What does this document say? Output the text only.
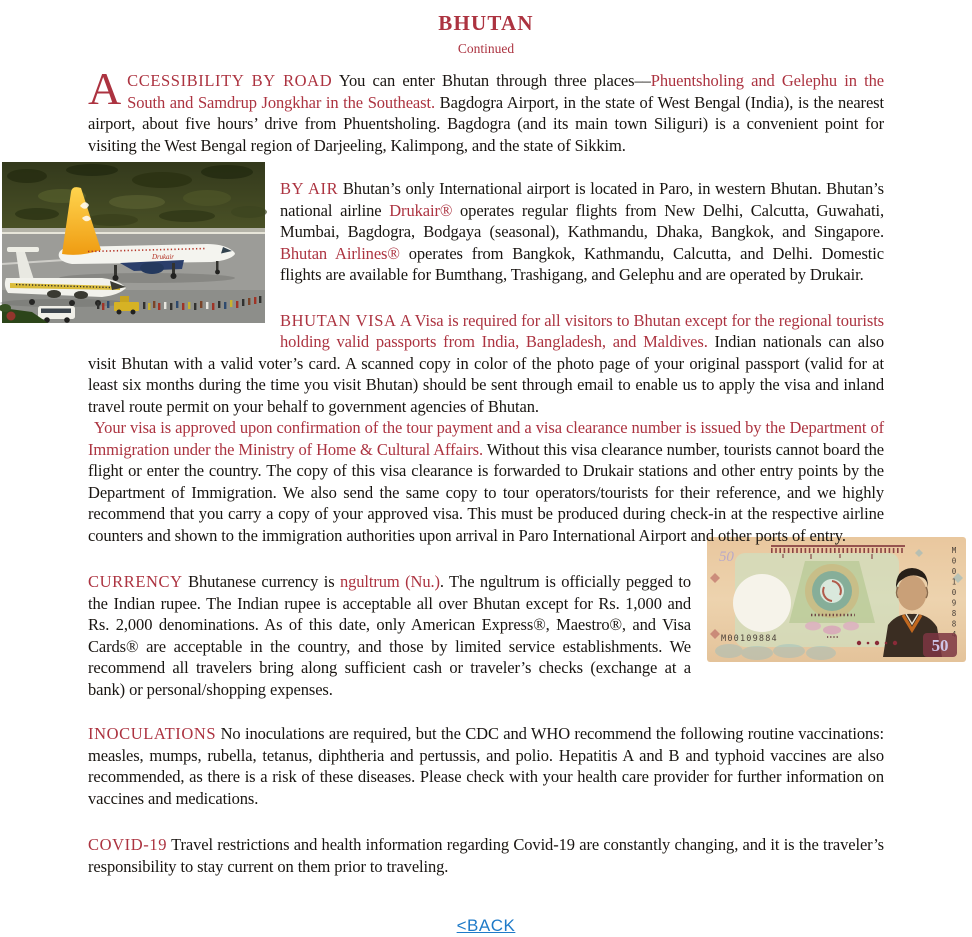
BHUTAN
Continued

ACCESSIBILITY BY ROAD You can enter Bhutan through three places––Phuentsholing and Gelephu in the South and Samdrup Jongkhar in the Southeast. Bagdogra Airport, in the state of West Bengal (India), is the nearest airport, about five hours’ drive from Phuentsholing. Bagdogra (and its main town Siliguri) is a convenient point for visiting the West Bengal region of Darjeeling, Kalimpong, and the state of Sikkim.

Drukair

BY AIR Bhutan’s only International airport is located in Paro, in western Bhutan. Bhutan’s national airline Drukair® operates regular flights from New Delhi, Calcutta, Guwahati, Mumbai, Bagdogra, Bodgaya (seasonal), Kathmandu, Dhaka, Bangkok, and Singapore. Bhutan Airlines® operates from Bangkok, Kathmandu, Calcutta, and Delhi. Domestic flights are available for Bumthang, Trashigang, and Gelephu and are operated by Drukair.

BHUTAN VISA A Visa is required for all visitors to Bhutan except for the regional tourists holding valid passports from India, Bangladesh, and Maldives. Indian nationals can also visit Bhutan with a valid voter’s card. A scanned copy in color of the photo page of your original passport (valid for at least six months during the time you visit Bhutan) should be sent through email to enable us to apply the visa and inland travel route permit on your behalf to government agencies of Bhutan.

Your visa is approved upon confirmation of the tour payment and a visa clearance number is issued by the Department of Immigration under the Ministry of Home & Cultural Affairs. Without this visa clearance number, tourists cannot board the flight or enter the country. The copy of this visa clearance is forwarded to Drukair stations and other entry points by the Department of Immigration. We also send the same copy to tour operators/tourists for their reference, and we highly recommend that you carry a copy of your approved visa. This must be produced during check-in at the respective airline counters and shown to the immigration authorities upon arrival in Paro International Airport and other ports of entry.

50
M00109884
M 0 0 1 0 9 8 8
50
CURRENCY Bhutanese currency is ngultrum (Nu.). The ngultrum is officially pegged to the Indian rupee. The Indian rupee is acceptable all over Bhutan except for Rs. 1,000 and Rs. 2,000 denominations. As of this date, only American Express®, Maestro®, and Visa Cards® are acceptable in the country, and those by limited service establishments. We recommend all travelers bring along sufficient cash or traveler’s checks (exchange at a bank) or personal/shopping expenses.

INOCULATIONS No inoculations are required, but the CDC and WHO recommend the following routine vaccinations: measles, mumps, rubella, tetanus, diphtheria and pertussis, and polio. Hepatitis A and B and typhoid vaccines are also recommended, as there is a risk of these diseases. Please check with your health care provider for further information on vaccines and medications.

COVID-19 Travel restrictions and health information regarding Covid-19 are constantly changing, and it is the traveler’s responsibility to stay current on them prior to traveling.

<BACK
